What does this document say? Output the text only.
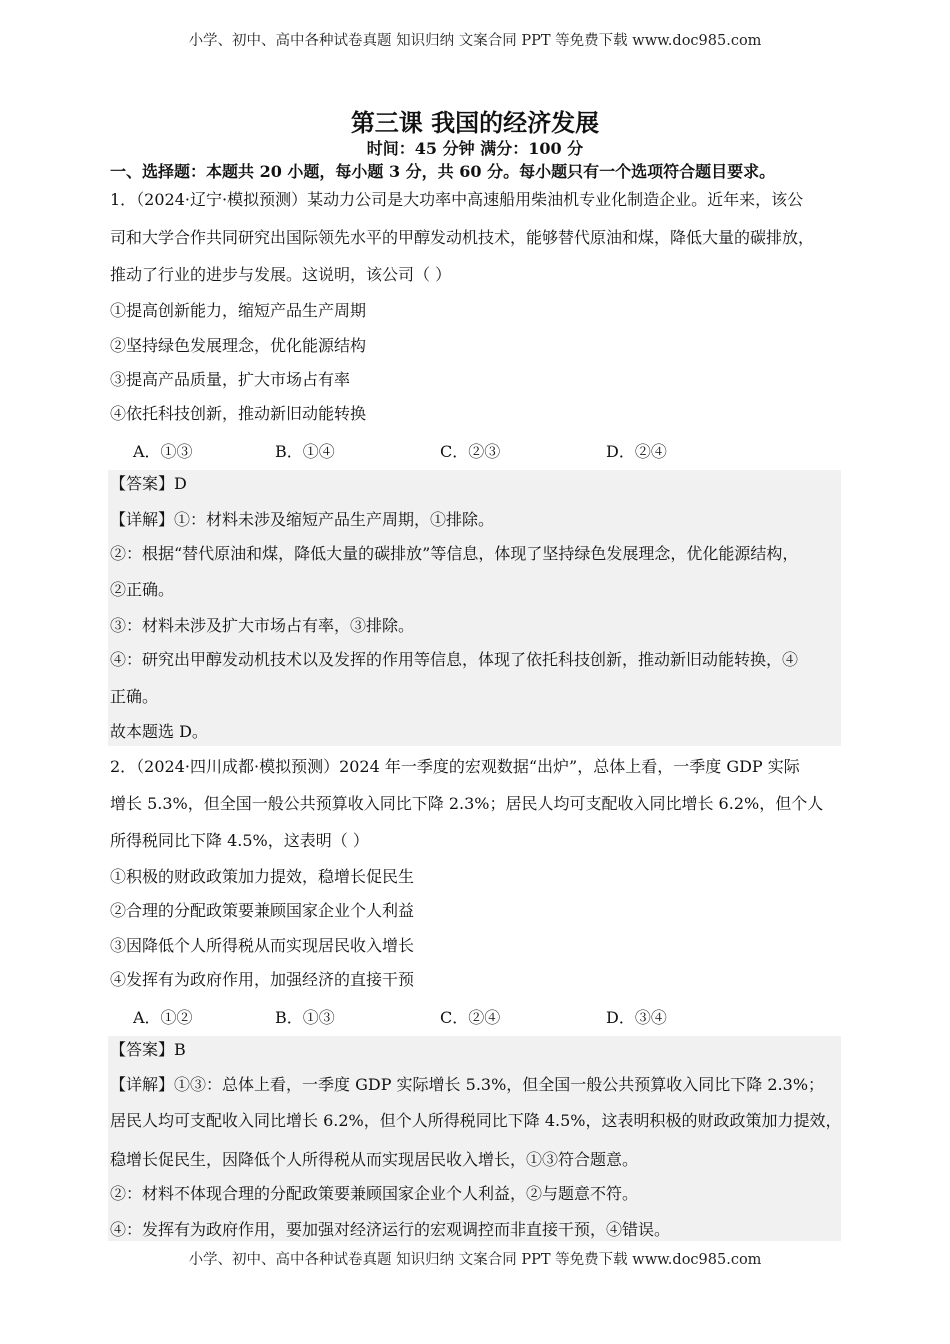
小学、初中、高中各种试卷真题 知识归纳 文案合同 PPT 等免费下载 www.doc985.com
第三课 我国的经济发展
时间：45 分钟 满分：100 分
一、选择题：本题共 20 小题，每小题 3 分，共 60 分。每小题只有一个选项符合题目要求。
1．（2024·辽宁·模拟预测）某动力公司是大功率中高速船用柴油机专业化制造企业。近年来，该公
司和大学合作共同研究出国际领先水平的甲醇发动机技术，能够替代原油和煤，降低大量的碳排放，
推动了行业的进步与发展。这说明，该公司（ ）
①提高创新能力，缩短产品生产周期
②坚持绿色发展理念，优化能源结构
③提高产品质量，扩大市场占有率
④依托科技创新，推动新旧动能转换
A．①③	B．①④	C．②③	D．②④
【答案】D
【详解】①：材料未涉及缩短产品生产周期，①排除。
②：根据“替代原油和煤，降低大量的碳排放”等信息，体现了坚持绿色发展理念，优化能源结构，
②正确。
③：材料未涉及扩大市场占有率，③排除。
④：研究出甲醇发动机技术以及发挥的作用等信息，体现了依托科技创新，推动新旧动能转换，④
正确。
故本题选 D。
2．（2024·四川成都·模拟预测）2024 年一季度的宏观数据“出炉”，总体上看，一季度 GDP 实际
增长 5.3%，但全国一般公共预算收入同比下降 2.3%；居民人均可支配收入同比增长 6.2%，但个人
所得税同比下降 4.5%，这表明（ ）
①积极的财政政策加力提效，稳增长促民生
②合理的分配政策要兼顾国家企业个人利益
③因降低个人所得税从而实现居民收入增长
④发挥有为政府作用，加强经济的直接干预
A．①②	B．①③	C．②④	D．③④
【答案】B
【详解】①③：总体上看，一季度 GDP 实际增长 5.3%，但全国一般公共预算收入同比下降 2.3%；
居民人均可支配收入同比增长 6.2%，但个人所得税同比下降 4.5%，这表明积极的财政政策加力提效，
稳增长促民生，因降低个人所得税从而实现居民收入增长，①③符合题意。
②：材料不体现合理的分配政策要兼顾国家企业个人利益，②与题意不符。
④：发挥有为政府作用，要加强对经济运行的宏观调控而非直接干预，④错误。
小学、初中、高中各种试卷真题 知识归纳 文案合同 PPT 等免费下载 www.doc985.com
